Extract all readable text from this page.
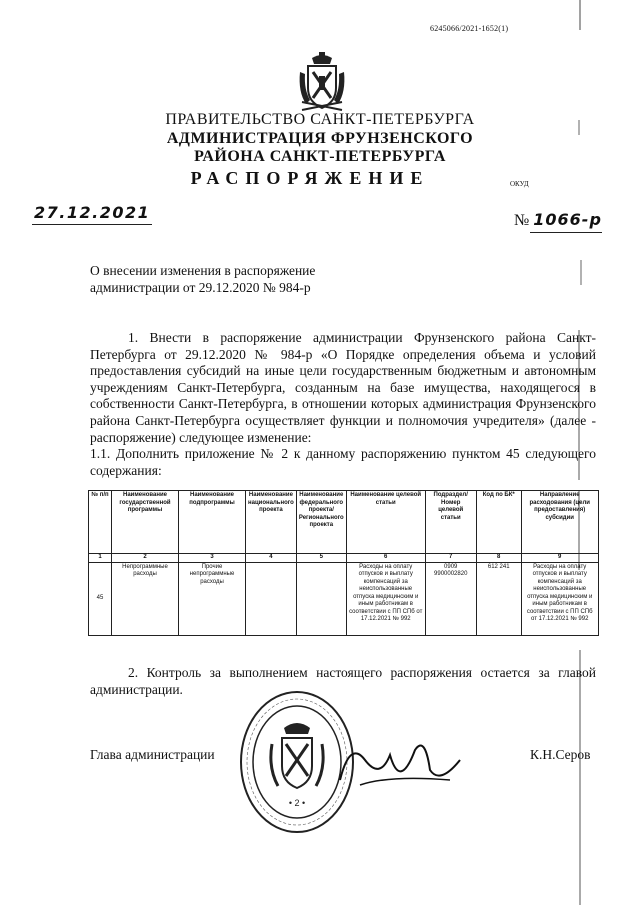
6245066/2021-1652(1)
ПРАВИТЕЛЬСТВО САНКТ-ПЕТЕРБУРГА
АДМИНИСТРАЦИЯ ФРУНЗЕНСКОГО
РАЙОНА САНКТ-ПЕТЕРБУРГА
РАСПОРЯЖЕНИЕ	ОКУД
27.12.2021	№ 1066-р
О внесении изменения в распоряжение администрации от 29.12.2020 № 984-р
1. Внести в распоряжение администрации Фрунзенского района Санкт-Петербурга от 29.12.2020 № 984-р «О Порядке определения объема и условий предоставления субсидий на иные цели государственным бюджетным и автономным учреждениям Санкт-Петербурга, созданным на базе имущества, находящегося в собственности Санкт-Петербурга, в отношении которых администрация Фрунзенского района Санкт-Петербурга осуществляет функции и полномочия учредителя» (далее - распоряжение) следующее изменение:
1.1. Дополнить приложение № 2 к данному распоряжению пунктом 45 следующего содержания:
№ п/п	Наименование государственной программы	Наименование подпрограммы	Наименование национального проекта	Наименование федерального проекта/ Регионального проекта	Наименование целевой статьи	Подраздел/ Номер целевой статьи	Код по БК*	Направление расходования (цели предоставления) субсидии
1	2	3	4	5	6	7	8	9
45	Непрограммные расходы	Прочие непрограммные расходы			Расходы на оплату отпусков и выплату компенсаций за неиспользованные отпуска медицинским и иным работникам в соответствии с ПП СПб от 17.12.2021 № 992	0909 9900002820	612 241	Расходы на оплату отпусков и выплату компенсаций за неиспользованные отпуска медицинским и иным работникам в соответствии с ПП СПб от 17.12.2021 № 992
2. Контроль за выполнением настоящего распоряжения остается за главой администрации.
Глава администрации	К.Н.Серов
• 2 •
